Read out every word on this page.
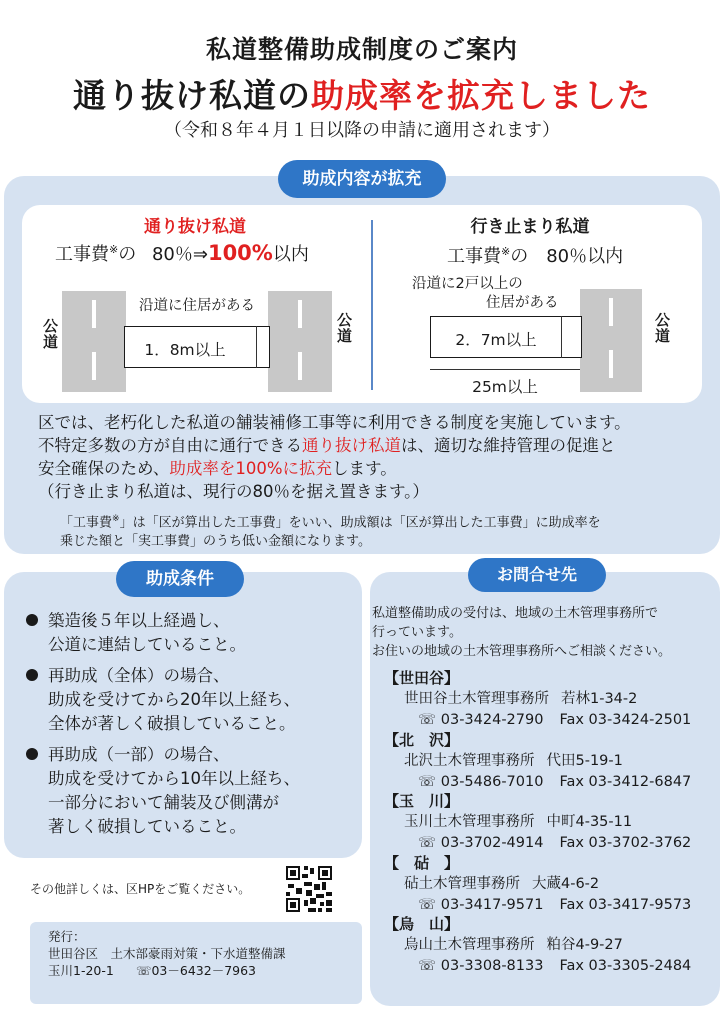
私道整備助成制度のご案内
通り抜け私道の助成率を拡充しました
（令和８年４月１日以降の申請に適用されます）
助成内容が拡充
通り抜け私道
工事費※の 80％⇒100%以内
公道	公道
沿道に住居がある
1．8m以上
行き止まり私道
工事費※の　80％以内
沿道に2戸以上の
住居がある
公道
2．7m以上
25m以上
区では、老朽化した私道の舗装補修工事等に利用できる制度を実施しています。
不特定多数の方が自由に通行できる通り抜け私道は、適切な維持管理の促進と
安全確保のため、助成率を100%に拡充します。
（行き止まり私道は、現行の80％を据え置きます。）
「工事費※」は「区が算出した工事費」をいい、助成額は「区が算出した工事費」に助成率を
乗じた額と「実工事費」のうち低い金額になります。
助成条件
築造後５年以上経過し、
公道に連結していること。
再助成（全体）の場合、
助成を受けてから20年以上経ち、
全体が著しく破損していること。
再助成（一部）の場合、
助成を受けてから10年以上経ち、
一部分において舗装及び側溝が
著しく破損していること。
その他詳しくは、区HPをご覧ください。
発行：
世田谷区　土木部豪雨対策・下水道整備課
玉川1-20-1 ☏03－6432－7963
お問合せ先
私道整備助成の受付は、地域の土木管理事務所で
行っています。
お住いの地域の土木管理事務所へご相談ください。
【世田谷】
世田谷土木管理事務所 若林1-34-2
☏ 03-3424-2790 Fax 03-3424-2501
【北　沢】
北沢土木管理事務所 代田5-19-1
☏ 03-5486-7010 Fax 03-3412-6847
【玉　川】
玉川土木管理事務所 中町4-35-11
☏ 03-3702-4914 Fax 03-3702-3762
【　砧　】
砧土木管理事務所 大蔵4-6-2
☏ 03-3417-9571 Fax 03-3417-9573
【烏　山】
烏山土木管理事務所 粕谷4-9-27
☏ 03-3308-8133 Fax 03-3305-2484
